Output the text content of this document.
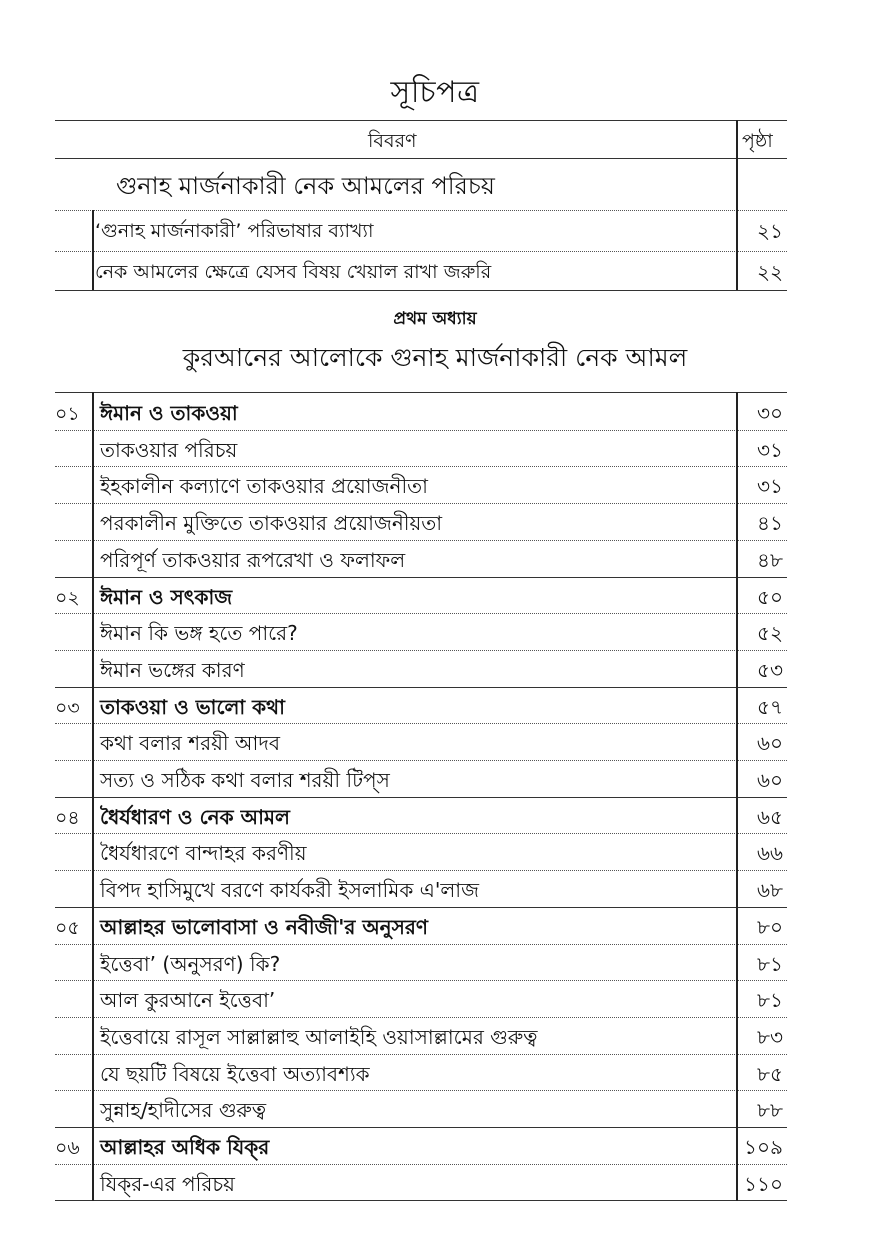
সূচিপত্র
বিবরণ	পৃষ্ঠা
গুনাহ মার্জনাকারী নেক আমলের পরিচয়
‘গুনাহ মার্জনাকারী’ পরিভাষার ব্যাখ্যা	২১
নেক আমলের ক্ষেত্রে যেসব বিষয় খেয়াল রাখা জরুরি	২২
প্রথম অধ্যায়
কুরআনের আলোকে গুনাহ মার্জনাকারী নেক আমল
০১	ঈমান ও তাকওয়া	৩০
তাকওয়ার পরিচয়	৩১
ইহকালীন কল্যাণে তাকওয়ার প্রয়োজনীতা	৩১
পরকালীন মুক্তিতে তাকওয়ার প্রয়োজনীয়তা	৪১
পরিপূর্ণ তাকওয়ার রূপরেখা ও ফলাফল	৪৮
০২	ঈমান ও সৎকাজ	৫০
ঈমান কি ভঙ্গ হতে পারে?	৫২
ঈমান ভঙ্গের কারণ	৫৩
০৩	তাকওয়া ও ভালো কথা	৫৭
কথা বলার শরয়ী আদব	৬০
সত্য ও সঠিক কথা বলার শরয়ী টিপ্‌স	৬০
০৪	ধৈর্যধারণ ও নেক আমল	৬৫
ধৈর্যধারণে বান্দাহর করণীয়	৬৬
বিপদ হাসিমুখে বরণে কার্যকরী ইসলামিক এ'লাজ	৬৮
০৫	আল্লাহর ভালোবাসা ও নবীজী'র অনুসরণ	৮০
ইত্তেবা’ (অনুসরণ) কি?	৮১
আল কুরআনে ইত্তেবা’	৮১
ইত্তেবায়ে রাসূল সাল্লাল্লাহু আলাইহি ওয়াসাল্লামের গুরুত্ব	৮৩
যে ছয়টি বিষয়ে ইত্তেবা অত্যাবশ্যক	৮৫
সুন্নাহ/হাদীসের গুরুত্ব	৮৮
০৬	আল্লাহর অধিক যিক্‌র	১০৯
যিক্‌র-এর পরিচয়	১১০
